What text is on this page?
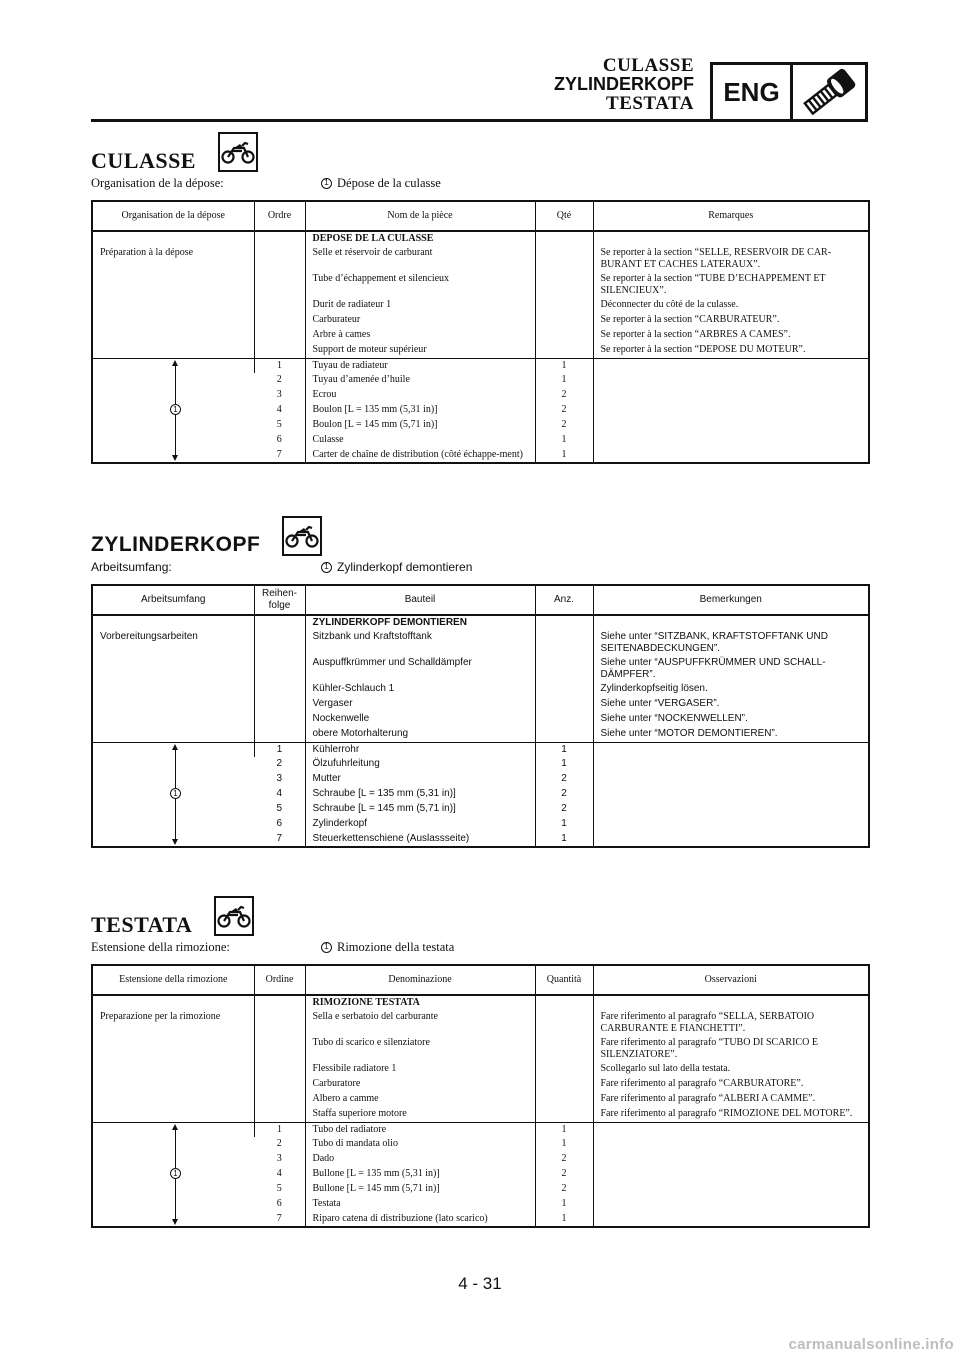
CULASSE
ZYLINDERKOPF
TESTATA	ENG
CULASSE
Organisation de la dépose:	1 Dépose de la culasse
Organisation de la dépose	Ordre	Nom de la pièce	Qté	Remarques
		DEPOSE DE LA CULASSE		
Préparation à la dépose		Selle et réservoir de carburant		Se reporter à la section “SELLE, RESERVOIR DE CAR-BURANT ET CACHES LATERAUX”.
		Tube d’échappement et silencieux		Se reporter à la section “TUBE D’ECHAPPEMENT ET SILENCIEUX”.
		Durit de radiateur 1		Déconnecter du côté de la culasse.
		Carburateur		Se reporter à la section “CARBURATEUR”.
		Arbre à cames		Se reporter à la section “ARBRES A CAMES”.
		Support de moteur supérieur		Se reporter à la section “DEPOSE DU MOTEUR”.

1	1	Tuyau de radiateur	1	
	2	Tuyau d’amenée d’huile	1	
	3	Ecrou	2	
	4	Boulon [L = 135 mm (5,31 in)]	2	
	5	Boulon [L = 145 mm (5,71 in)]	2	
	6	Culasse	1	
	7	Carter de chaîne de distribution (côté échappe-ment)	1	
ZYLINDERKOPF
Arbeitsumfang:	1 Zylinderkopf demontieren
Arbeitsumfang	Reihen-folge	Bauteil	Anz.	Bemerkungen
		ZYLINDERKOPF DEMONTIEREN		
Vorbereitungsarbeiten		Sitzbank und Kraftstofftank		Siehe unter “SITZBANK, KRAFTSTOFFTANK UND SEITENABDECKUNGEN”.
		Auspuffkrümmer und Schalldämpfer		Siehe unter “AUSPUFFKRÜMMER UND SCHALL-DÄMPFER”.
		Kühler-Schlauch 1		Zylinderkopfseitig lösen.
		Vergaser		Siehe unter “VERGASER”.
		Nockenwelle		Siehe unter “NOCKENWELLEN”.
		obere Motorhalterung		Siehe unter “MOTOR DEMONTIEREN”.

1	1	Kühlerrohr	1	
	2	Ölzufuhrleitung	1	
	3	Mutter	2	
	4	Schraube [L = 135 mm (5,31 in)]	2	
	5	Schraube [L = 145 mm (5,71 in)]	2	
	6	Zylinderkopf	1	
	7	Steuerkettenschiene (Auslassseite)	1	
TESTATA
Estensione della rimozione:	1 Rimozione della testata
Estensione della rimozione	Ordine	Denominazione	Quantità	Osservazioni
		RIMOZIONE TESTATA		
Preparazione per la rimozione		Sella e serbatoio del carburante		Fare riferimento al paragrafo “SELLA, SERBATOIO CARBURANTE E FIANCHETTI”.
		Tubo di scarico e silenziatore		Fare riferimento al paragrafo “TUBO DI SCARICO E SILENZIATORE”.
		Flessibile radiatore 1		Scollegarlo sul lato della testata.
		Carburatore		Fare riferimento al paragrafo “CARBURATORE”.
		Albero a camme		Fare riferimento al paragrafo “ALBERI A CAMME”.
		Staffa superiore motore		Fare riferimento al paragrafo “RIMOZIONE DEL MOTORE”.

1	1	Tubo del radiatore	1	
	2	Tubo di mandata olio	1	
	3	Dado	2	
	4	Bullone [L = 135 mm (5,31 in)]	2	
	5	Bullone [L = 145 mm (5,71 in)]	2	
	6	Testata	1	
	7	Riparo catena di distribuzione (lato scarico)	1	
4 - 31
carmanualsonline.info
